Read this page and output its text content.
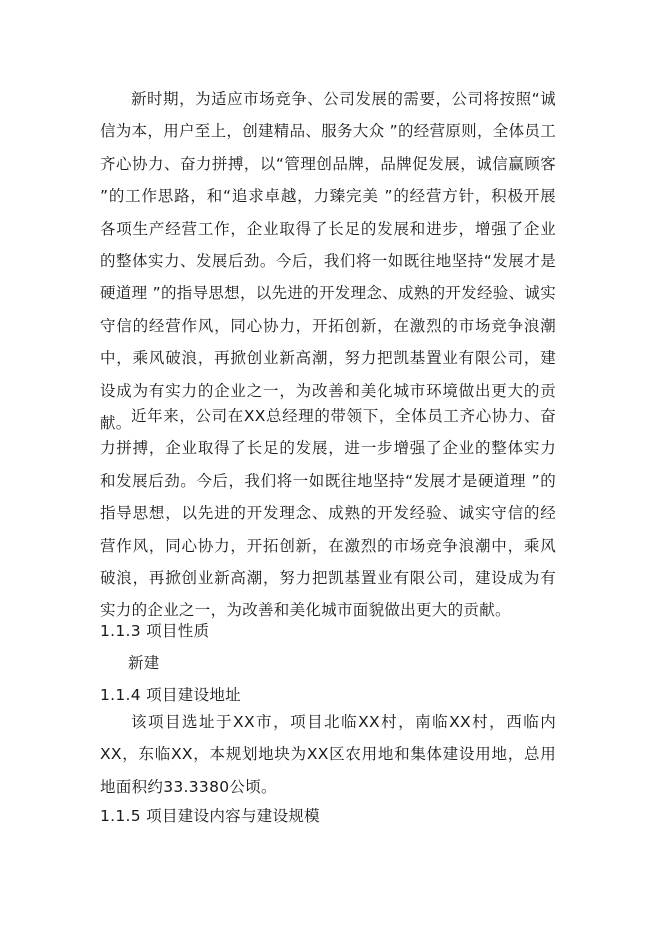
新时期，为适应市场竞争、公司发展的需要，公司将按照“诚信为本，用户至上，创建精品、服务大众 ”的经营原则，全体员工齐心协力、奋力拼搏，以“管理创品牌，品牌促发展，诚信赢顾客 ”的工作思路，和“追求卓越，力臻完美 ”的经营方针，积极开展各项生产经营工作，企业取得了长足的发展和进步，增强了企业的整体实力、发展后劲。今后，我们将一如既往地坚持“发展才是硬道理 ”的指导思想，以先进的开发理念、成熟的开发经验、诚实守信的经营作风，同心协力，开拓创新，在激烈的市场竞争浪潮中，乘风破浪，再掀创业新高潮，努力把凯基置业有限公司，建设成为有实力的企业之一，为改善和美化城市环境做出更大的贡献。 近年来，公司在XX总经理的带领下，全体员工齐心协力、奋力拼搏，企业取得了长足的发展，进一步增强了企业的整体实力和发展后劲。今后，我们将一如既往地坚持“发展才是硬道理 ”的指导思想，以先进的开发理念、成熟的开发经验、诚实守信的经营作风，同心协力，开拓创新，在激烈的市场竞争浪潮中，乘风破浪，再掀创业新高潮，努力把凯基置业有限公司，建设成为有实力的企业之一，为改善和美化城市面貌做出更大的贡献。

1.1.3 项目性质

新建

1.1.4 项目建设地址

该项目选址于XX市，项目北临XX村，南临XX村，西临内XX，东临XX，本规划地块为XX区农用地和集体建设用地，总用地面积约33.3380公顷。

1.1.5 项目建设内容与建设规模
